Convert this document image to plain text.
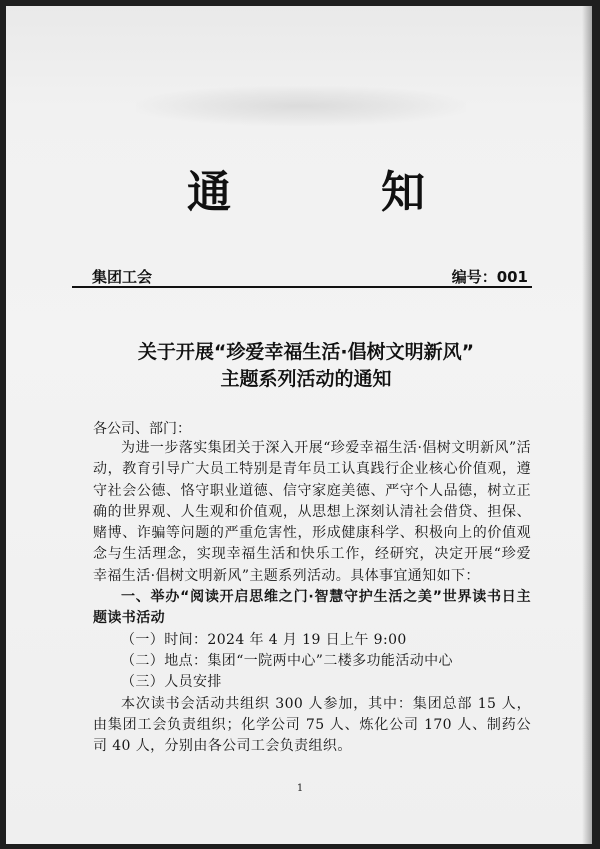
通	知
集团工会	编号：001
关于开展“珍爱幸福生活·倡树文明新风”
主题系列活动的通知
各公司、部门：

为进一步落实集团关于深入开展“珍爱幸福生活·倡树文明新风”活动，教育引导广大员工特别是青年员工认真践行企业核心价值观，遵守社会公德、恪守职业道德、信守家庭美德、严守个人品德，树立正确的世界观、人生观和价值观，从思想上深刻认清社会借贷、担保、赌博、诈骗等问题的严重危害性，形成健康科学、积极向上的价值观念与生活理念，实现幸福生活和快乐工作，经研究，决定开展“珍爱幸福生活·倡树文明新风”主题系列活动。具体事宜通知如下：

一、举办“阅读开启思维之门·智慧守护生活之美”世界读书日主题读书活动

（一）时间：2024 年 4 月 19 日上午 9:00

（二）地点：集团“一院两中心”二楼多功能活动中心

（三）人员安排

本次读书会活动共组织 300 人参加，其中：集团总部 15 人，由集团工会负责组织；化学公司 75 人、炼化公司 170 人、制药公司 40 人，分别由各公司工会负责组织。

1
